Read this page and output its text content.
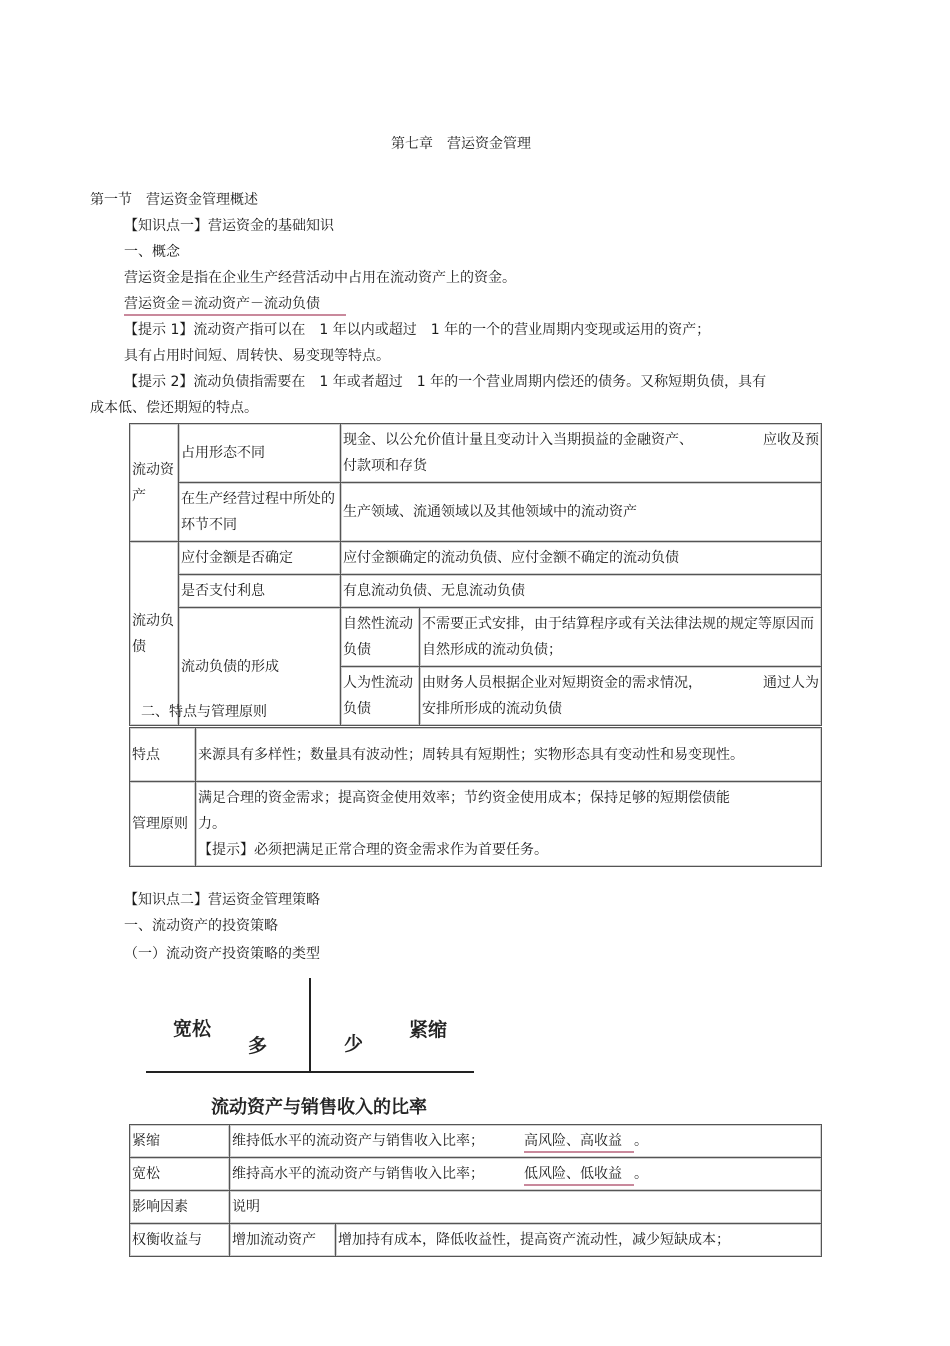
第七章　营运资金管理
第一节　营运资金管理概述
【知识点一】营运资金的基础知识
一、概念
营运资金是指在企业生产经营活动中占用在流动资产上的资金。
营运资金＝流动资产－流动负债
【提示 1】流动资产指可以在　1 年以内或超过　1 年的一个的营业周期内变现或运用的资产；
具有占用时间短、周转快、易变现等特点。
【提示 2】流动负债指需要在　1 年或者超过　1 年的一个营业周期内偿还的债务。又称短期负债，具有
成本低、偿还期短的特点。
流动资产	占用形态不同	现金、以公允价值计量且变动计入当期损益的金融资产、 应收及预
付款项和存货	

	在生产经营过程中所处的环节不同	生产领域、流通领域以及其他领域中的流动资产	
流动负债	应付金额是否确定	应付金额确定的流动负债、应付金额不确定的流动负债	
	是否支付利息	有息流动负债、无息流动负债	
	流动负债的形成	自然性流动负债	不需要正式安排，由于结算程序或有关法律法规的规定等原因而自然形成的流动负债；
		人为性流动负债	由财务人员根据企业对短期资金的需求情况， 通过人为
安排所形成的流动负债
二、特点与管理原则
特点	来源具有多样性；数量具有波动性；周转具有短期性；实物形态具有变动性和易变现性。
管理原则	满足合理的资金需求；提高资金使用效率；节约资金使用成本；保持足够的短期偿债能力。
【提示】必须把满足正常合理的资金需求作为首要任务。
【知识点二】营运资金管理策略
一、流动资产的投资策略
（一）流动资产投资策略的类型
宽松
多	少
紧缩
流动资产与销售收入的比率
紧缩	维持低水平的流动资产与销售收入比率； 高风险、高收益 。	
宽松	维持高水平的流动资产与销售收入比率； 低风险、低收益 。	
影响因素	说明	
权衡收益与	增加流动资产	增加持有成本，降低收益性，提高资产流动性，减少短缺成本；
